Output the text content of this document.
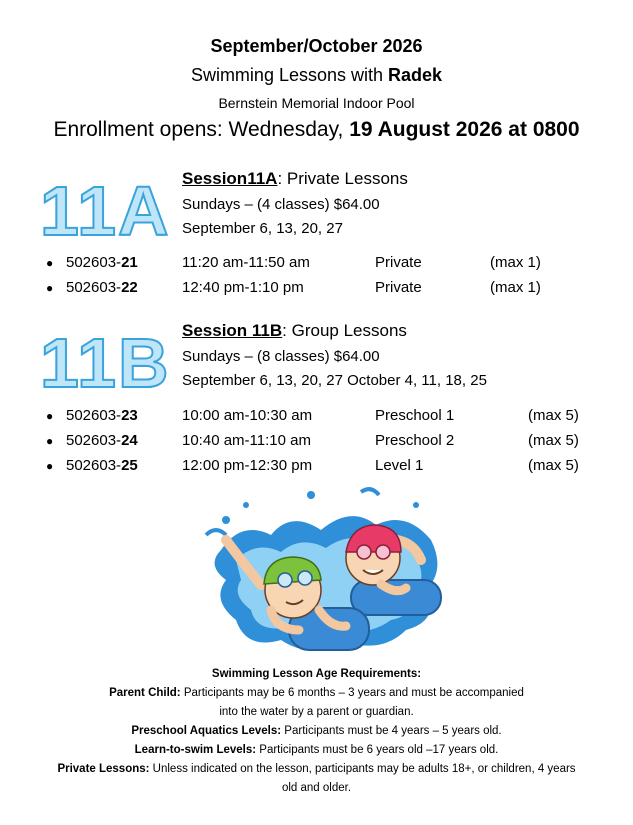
September/October 2026
Swimming Lessons with Radek
Bernstein Memorial Indoor Pool
Enrollment opens: Wednesday, 19 August 2026 at 0800
11A Session11A: Private Lessons
Sundays – (4 classes) $64.00
September 6, 13, 20, 27
● 502603-21	11:20 am-11:50 am	Private	(max 1)
● 502603-22	12:40 pm-1:10 pm	Private	(max 1)
11B Session 11B: Group Lessons
Sundays – (8 classes) $64.00
September 6, 13, 20, 27 October 4, 11, 18, 25
● 502603-23	10:00 am-10:30 am	Preschool 1	(max 5)
● 502603-24	10:40 am-11:10 am	Preschool 2	(max 5)
● 502603-25	12:00 pm-12:30 pm	Level 1	(max 5)
Swimming Lesson Age Requirements:
Parent Child: Participants may be 6 months – 3 years and must be accompanied
into the water by a parent or guardian.
Preschool Aquatics Levels: Participants must be 4 years – 5 years old.
Learn-to-swim Levels: Participants must be 6 years old –17 years old.
Private Lessons: Unless indicated on the lesson, participants may be adults 18+, or children, 4 years
old and older.
